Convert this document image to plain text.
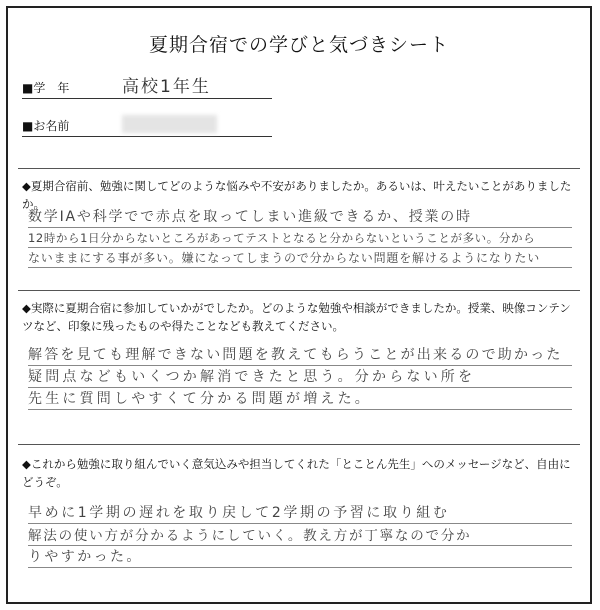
夏期合宿での学びと気づきシート
■学　年	高校1年生
■お名前
◆夏期合宿前、勉強に関してどのような悩みや不安がありましたか。あるいは、叶えたいことがありましたか。
数学IAや科学でで赤点を取ってしまい進級できるか、授業の時
12時から1日分からないところがあってテストとなると分からないということが多い。分から
ないままにする事が多い。嫌になってしまうので分からない問題を解けるようになりたい
◆実際に夏期合宿に参加していかがでしたか。どのような勉強や相談ができましたか。授業、映像コンテンツなど、印象に残ったものや得たことなども教えてください。
解答を見ても理解できない問題を教えてもらうことが出来るので助かった
疑問点などもいくつか解消できたと思う。分からない所を
先生に質問しやすくて分かる問題が増えた。
◆これから勉強に取り組んでいく意気込みや担当してくれた「とことん先生」へのメッセージなど、自由にどうぞ。
早めに1学期の遅れを取り戻して2学期の予習に取り組む
解法の使い方が分かるようにしていく。教え方が丁寧なので分か
りやすかった。
